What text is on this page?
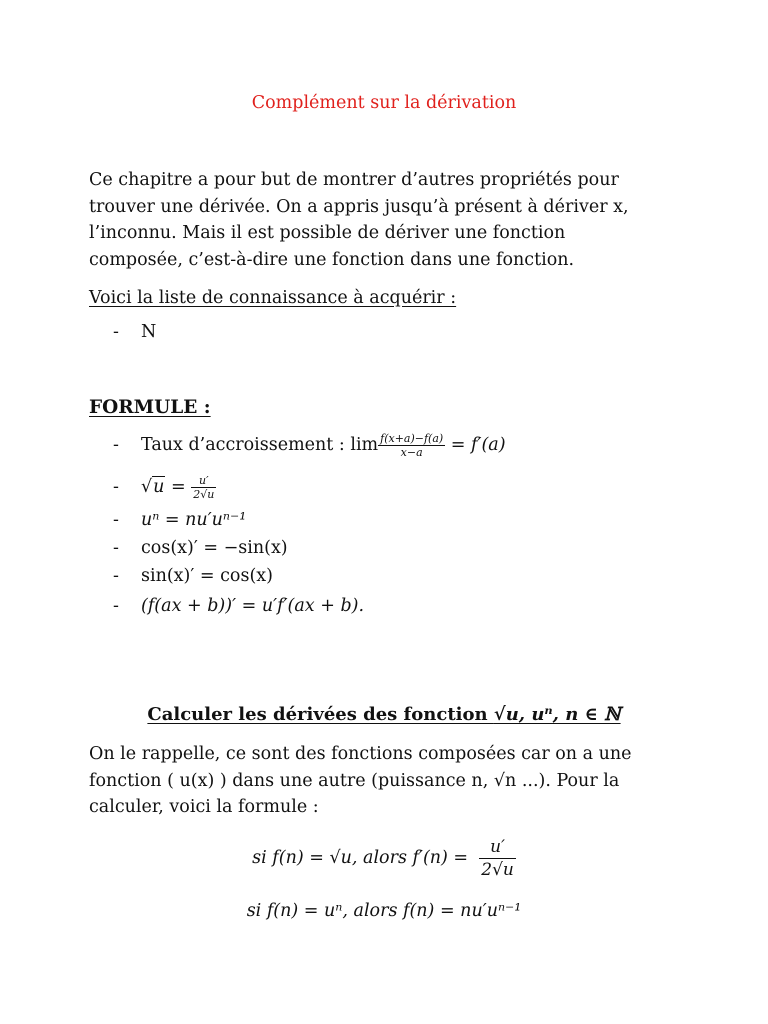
Complément sur la dérivation
Ce chapitre a pour but de montrer d’autres propriétés pour
trouver une dérivée. On a appris jusqu’à présent à dériver x,
l’inconnu. Mais il est possible de dériver une fonction
composée, c’est-à-dire une fonction dans une fonction.
Voici la liste de connaissance à acquérir :
- N
FORMULE :
- Taux d’accroissement : $\lim \frac{f(x+a)-f(a)}{x-a} = f'(a)$
- $√u = \frac{u'}{2√u}$
- uⁿ = nu′uⁿ⁻¹
- cos(x)′ = −sin(x)
- sin(x)′ = cos(x)
- (f(ax + b))′ = u′f′(ax + b).
Calculer les dérivées des fonction √u, uⁿ, n ∈ ℕ
On le rappelle, ce sont des fonctions composées car on a une
fonction ( u(x) ) dans une autre (puissance n, √n ...). Pour la
calculer, voici la formule :
si f(n) = √u, alors $f'(n) = \frac{u'}{2√u}$
si f(n) = uⁿ, alors f(n) = nu′uⁿ⁻¹
